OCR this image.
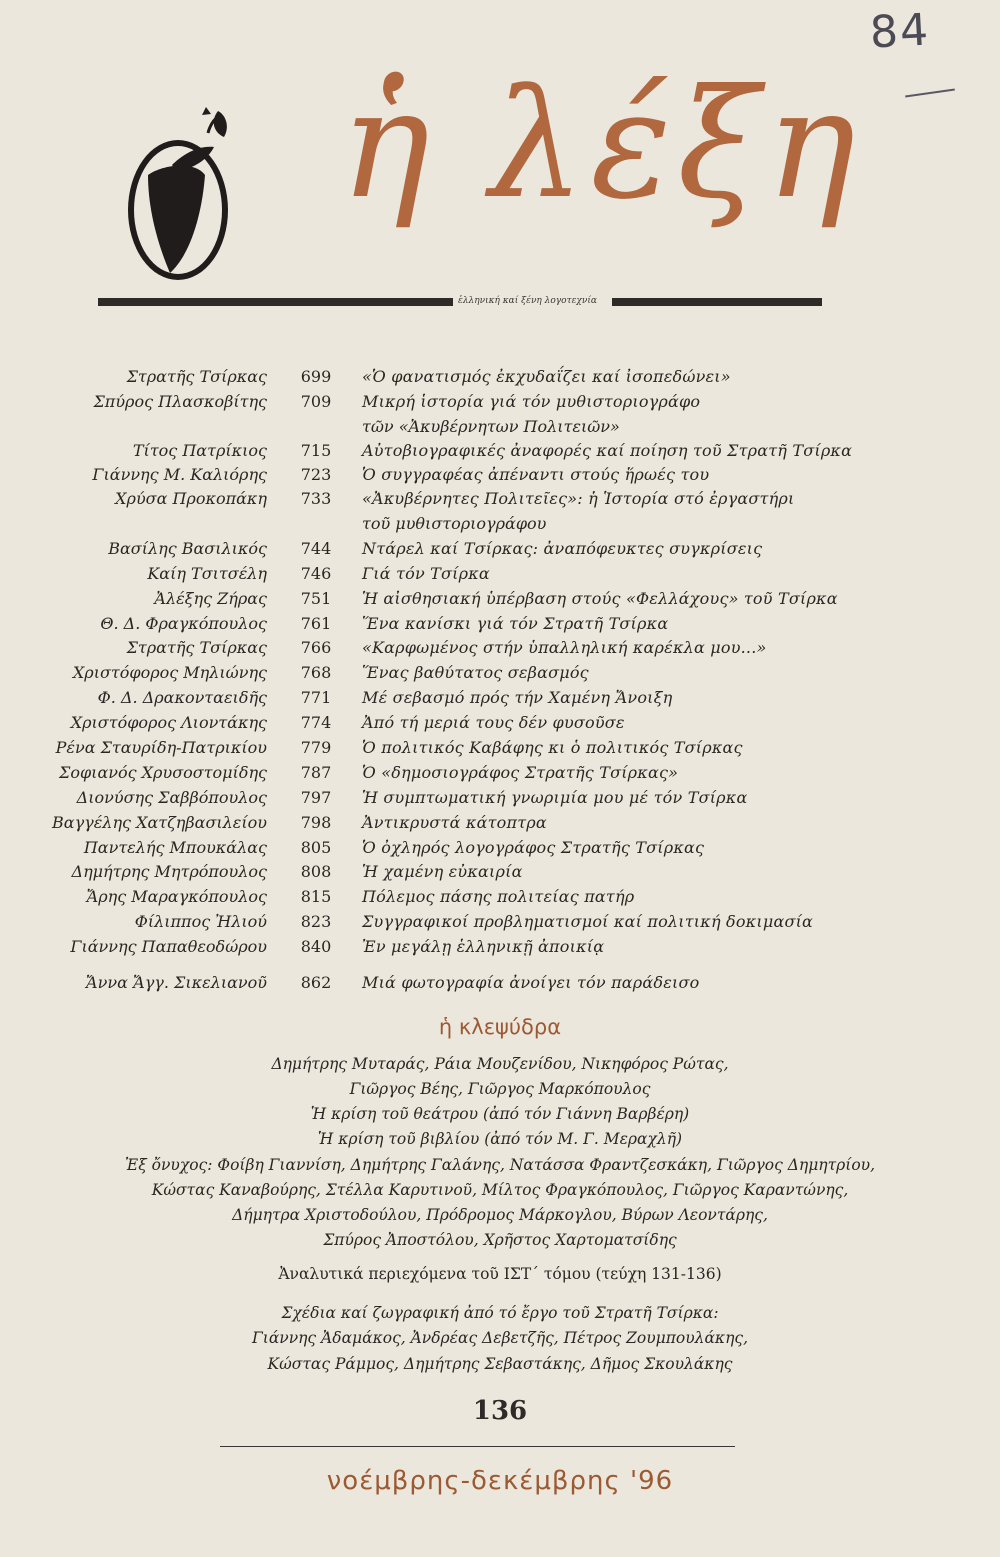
84
ἡ λέξη
ἑλληνική καί ξένη λογοτεχνία
Στρατῆς Τσίρκας	699	«Ὁ φανατισμός ἐκχυδαΐζει καί ἰσοπεδώνει»
Σπύρος Πλασκοβίτης	709	Μικρή ἱστορία γιά τόν μυθιστοριογράφο
τῶν «Ἀκυβέρνητων Πολιτειῶν»
Τίτος Πατρίκιος	715	Αὐτοβιογραφικές ἀναφορές καί ποίηση τοῦ Στρατῆ Τσίρκα
Γιάννης Μ. Καλιόρης	723	Ὁ συγγραφέας ἀπέναντι στούς ἥρωές του
Χρύσα Προκοπάκη	733	«Ἀκυβέρνητες Πολιτεῖες»: ἡ Ἱστορία στό ἐργαστήρι
τοῦ μυθιστοριογράφου
Βασίλης Βασιλικός	744	Ντάρελ καί Τσίρκας: ἀναπόφευκτες συγκρίσεις
Καίη Τσιτσέλη	746	Γιά τόν Τσίρκα
Ἀλέξης Ζήρας	751	Ἡ αἰσθησιακή ὑπέρβαση στούς «Φελλάχους» τοῦ Τσίρκα
Θ. Δ. Φραγκόπουλος	761	Ἕνα κανίσκι γιά τόν Στρατῆ Τσίρκα
Στρατῆς Τσίρκας	766	«Καρφωμένος στήν ὑπαλληλική καρέκλα μου...»
Χριστόφορος Μηλιώνης	768	Ἕνας βαθύτατος σεβασμός
Φ. Δ. Δρακονταειδῆς	771	Μέ σεβασμό πρός τήν Χαμένη Ἄνοιξη
Χριστόφορος Λιοντάκης	774	Ἀπό τή μεριά τους δέν φυσοῦσε
Ρένα Σταυρίδη-Πατρικίου	779	Ὁ πολιτικός Καβάφης κι ὁ πολιτικός Τσίρκας
Σοφιανός Χρυσοστομίδης	787	Ὁ «δημοσιογράφος Στρατῆς Τσίρκας»
Διονύσης Σαββόπουλος	797	Ἡ συμπτωματική γνωριμία μου μέ τόν Τσίρκα
Βαγγέλης Χατζηβασιλείου	798	Ἀντικρυστά κάτοπτρα
Παντελής Μπουκάλας	805	Ὁ ὀχληρός λογογράφος Στρατῆς Τσίρκας
Δημήτρης Μητρόπουλος	808	Ἡ χαμένη εὐκαιρία
Ἄρης Μαραγκόπουλος	815	Πόλεμος πάσης πολιτείας πατήρ
Φίλιππος Ἠλιού	823	Συγγραφικοί προβληματισμοί καί πολιτική δοκιμασία
Γιάννης Παπαθεοδώρου	840	Ἐν μεγάλῃ ἑλληνικῇ ἀποικίᾳ
Ἄννα Ἄγγ. Σικελιανοῦ	862	Μιά φωτογραφία ἀνοίγει τόν παράδεισο
ἡ κλεψύδρα
Δημήτρης Μυταράς, Ράια Μουζενίδου, Νικηφόρος Ρώτας,
Γιῶργος Βέης, Γιῶργος Μαρκόπουλος
Ἡ κρίση τοῦ θεάτρου (ἀπό τόν Γιάννη Βαρβέρη)
Ἡ κρίση τοῦ βιβλίου (ἀπό τόν Μ. Γ. Μεραχλῆ)
Ἐξ ὄνυχος: Φοίβη Γιαννίση, Δημήτρης Γαλάνης, Νατάσσα Φραντζεσκάκη, Γιῶργος Δημητρίου,
Κώστας Καναβούρης, Στέλλα Καρυτινοῦ, Μίλτος Φραγκόπουλος, Γιῶργος Καραντώνης,
Δήμητρα Χριστοδούλου, Πρόδρομος Μάρκογλου, Βύρων Λεοντάρης,
Σπύρος Ἀποστόλου, Χρῆστος Χαρτοματσίδης
Ἀναλυτικά περιεχόμενα τοῦ ΙΣΤ´ τόμου (τεύχη 131-136)
Σχέδια καί ζωγραφική ἀπό τό ἔργο τοῦ Στρατῆ Τσίρκα:
Γιάννης Ἀδαμάκος, Ἀνδρέας Δεβετζῆς, Πέτρος Ζουμπουλάκης,
Κώστας Ράμμος, Δημήτρης Σεβαστάκης, Δῆμος Σκουλάκης
136
νοέμβρης-δεκέμβρης '96
